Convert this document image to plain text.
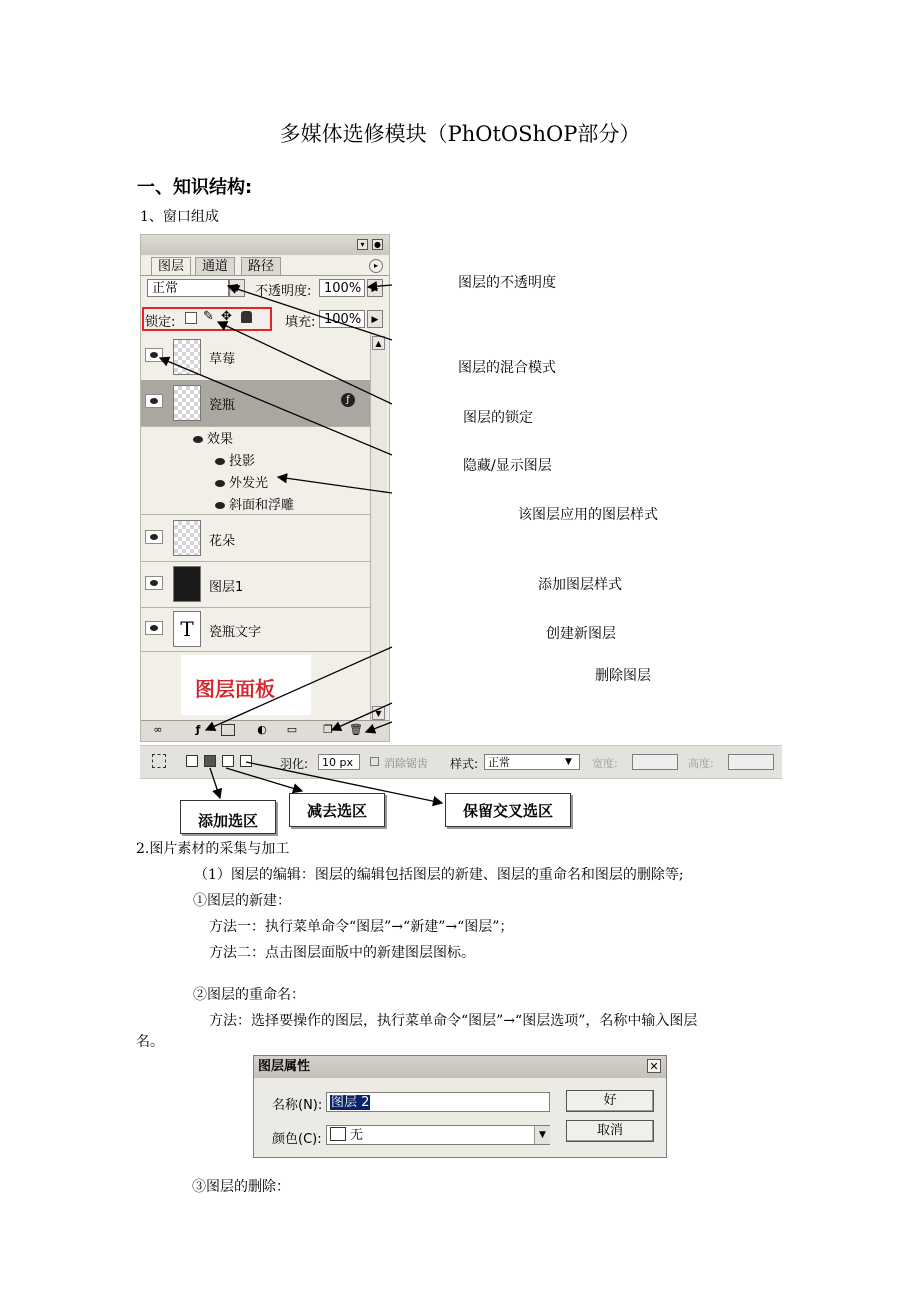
多媒体选修模块（PhOtOShOP部分）
一、知识结构:
1、窗口组成
▾	●
图层	通道	路径	▸
正常	▼	不透明度: 100%	▶
锁定: ✎ ✥	填充: 100%	▶
草莓
瓷瓶	ƒ
效果
投影
外发光
斜面和浮雕
花朵
图层1
T	瓷瓶文字
图层面板
▲
▼
∞	ƒ	◐ ▭ ❐ 🗑
图层的不透明度
图层的混合模式
图层的锁定
隐藏/显示图层
该图层应用的图层样式
添加图层样式
创建新图层
删除图层
羽化:	10 px	消除锯齿 样式: 正常	▼ 宽度:	高度:
添加选区
减去选区	保留交叉选区
2.图片素材的采集与加工
（1）图层的编辑：图层的编辑包括图层的新建、图层的重命名和图层的删除等;
①图层的新建：
方法一：执行菜单命令“图层”→“新建”→“图层”；
方法二：点击图层面版中的新建图层图标。
②图层的重命名：
方法：选择要操作的图层，执行菜单命令“图层”→“图层选项”，名称中输入图层
名。
图层属性	✕
名称(N): 图层 2
颜色(C):	无	▼
好
取消
③图层的删除：
